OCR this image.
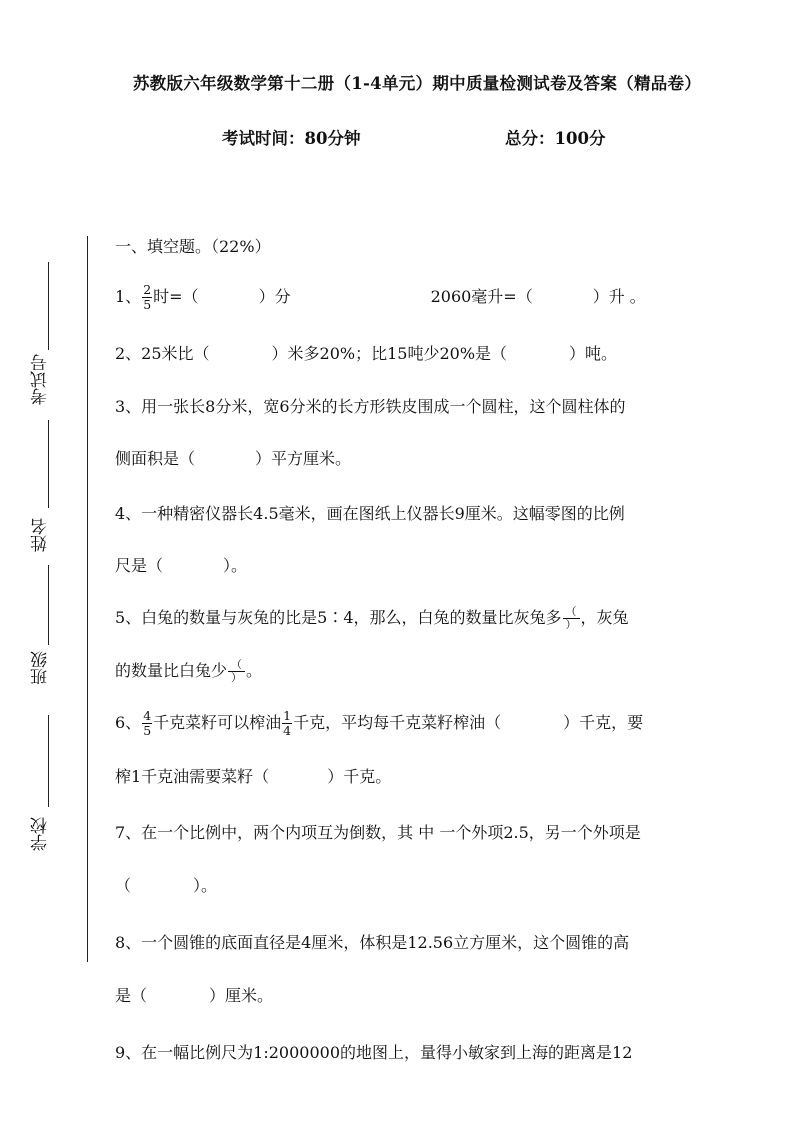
苏教版六年级数学第十二册（1-4单元）期中质量检测试卷及答案（精品卷）
考试时间：80分钟	总分：100分
考试号
姓名
班级
学校
一、填空题。（22%）
1、 $\frac{2}{5}$ 时=（	）分	2060毫升=（	）升 。
2、25米比（	）米多20%；比15吨少20%是（	）吨。
3、用一张长8分米，宽6分米的长方形铁皮围成一个圆柱，这个圆柱体的
侧面积是（	）平方厘米。
4、一种精密仪器长4.5毫米，画在图纸上仪器长9厘米。这幅零图的比例
尺是（	）。
5、白兔的数量与灰兔的比是5∶4，那么，白兔的数量比灰兔多 $\frac{(}{)}$ ，灰兔
的数量比白兔少 $\frac{(}{)}$ 。
6、 $\frac{4}{5}$ 千克菜籽可以榨油 $\frac{1}{4}$ 千克，平均每千克菜籽榨油（	）千克，要
榨1千克油需要菜籽（	）千克。
7、在一个比例中，两个内项互为倒数，其 中 一个外项2.5，另一个外项是
（	）。
8、一个圆锥的底面直径是4厘米，体积是12.56立方厘米，这个圆锥的高
是（	）厘米。
9、在一幅比例尺为1:2000000的地图上，量得小敏家到上海的距离是12
